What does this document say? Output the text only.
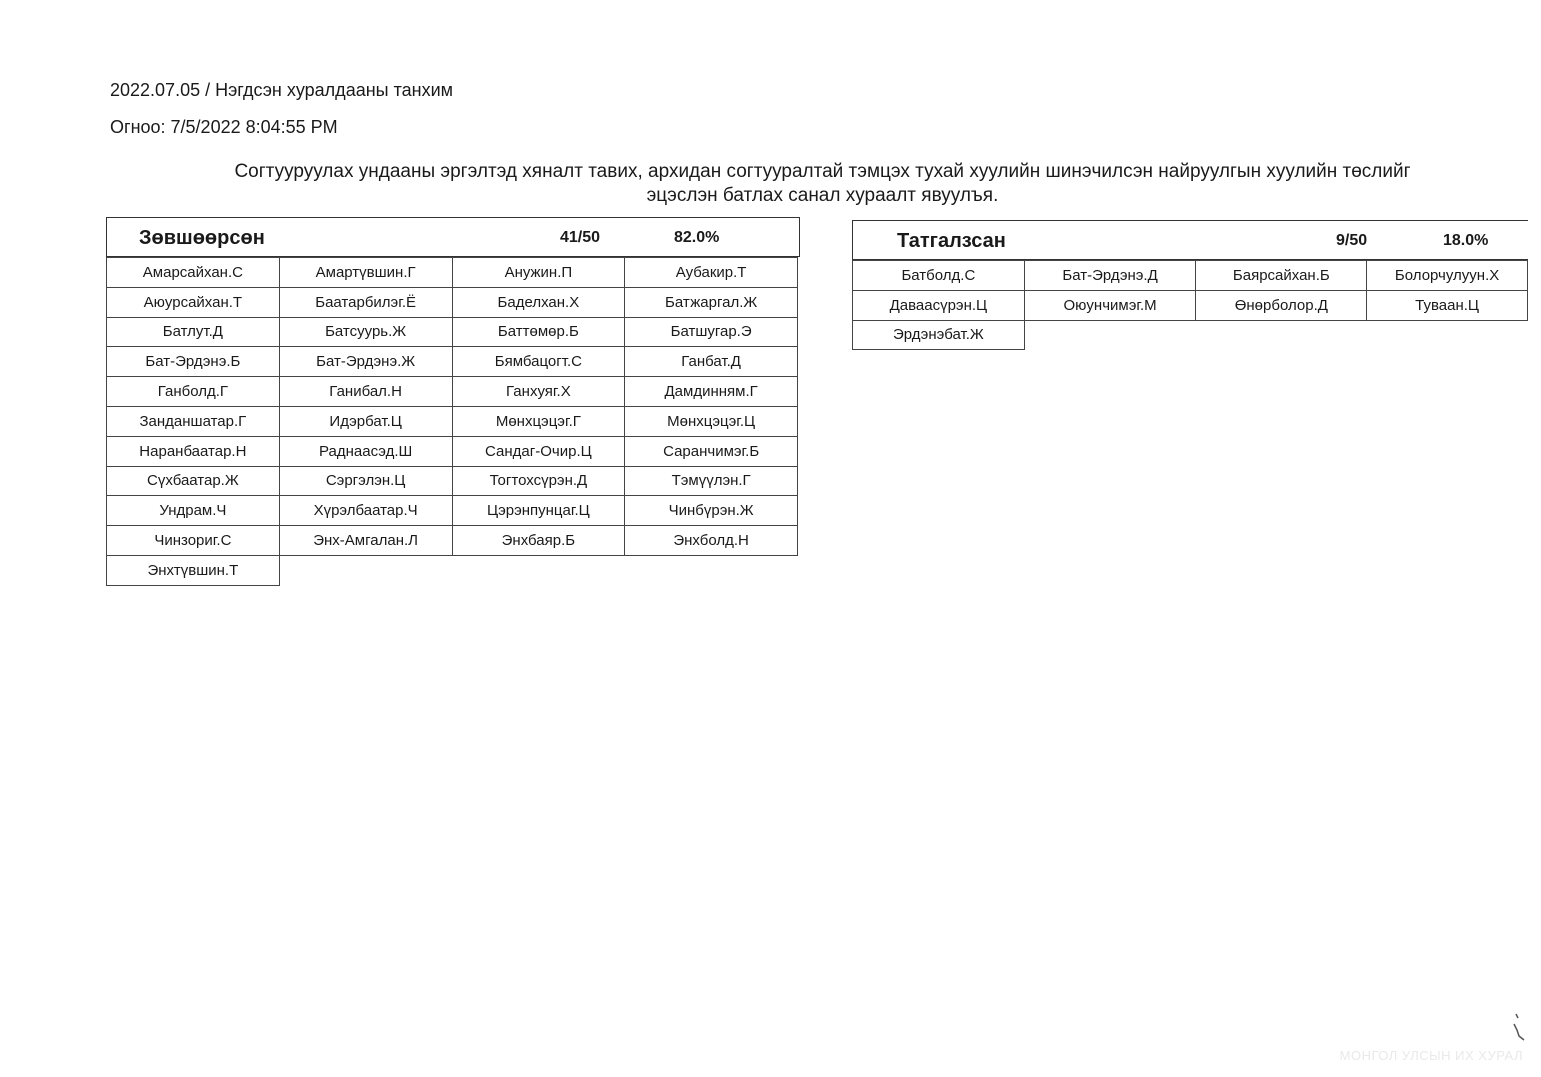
2022.07.05 / Нэгдсэн хуралдааны танхим
Огноо: 7/5/2022 8:04:55 PM
Согтууруулах ундааны эргэлтэд хяналт тавих, архидан согтууралтай тэмцэх тухай хуулийн шинэчилсэн найруулгын хуулийн төслийг
эцэслэн батлах санал хураалт явуулъя.
Зөвшөөрсөн	41/50	82.0%
Амарсайхан.С	Амартүвшин.Г	Анужин.П	Аубакир.Т
Аюурсайхан.Т	Баатарбилэг.Ё	Баделхан.Х	Батжаргал.Ж
Батлут.Д	Батсуурь.Ж	Баттөмөр.Б	Батшугар.Э
Бат-Эрдэнэ.Б	Бат-Эрдэнэ.Ж	Бямбацогт.С	Ганбат.Д
Ганболд.Г	Ганибал.Н	Ганхуяг.Х	Дамдинням.Г
Занданшатар.Г	Идэрбат.Ц	Мөнхцэцэг.Г	Мөнхцэцэг.Ц
Наранбаатар.Н	Раднаасэд.Ш	Сандаг-Очир.Ц	Саранчимэг.Б
Сүхбаатар.Ж	Сэргэлэн.Ц	Тогтохсүрэн.Д	Тэмүүлэн.Г
Ундрам.Ч	Хүрэлбаатар.Ч	Цэрэнпунцаг.Ц	Чинбүрэн.Ж
Чинзориг.С	Энх-Амгалан.Л	Энхбаяр.Б	Энхболд.Н
Энхтүвшин.Т			
Татгалзсан	9/50	18.0%
Батболд.С	Бат-Эрдэнэ.Д	Баярсайхан.Б	Болорчулуун.Х
Даваасүрэн.Ц	Оюунчимэг.М	Өнөрболор.Д	Туваан.Ц
Эрдэнэбат.Ж			
МОНГОЛ УЛСЫН ИХ ХУРАЛ
